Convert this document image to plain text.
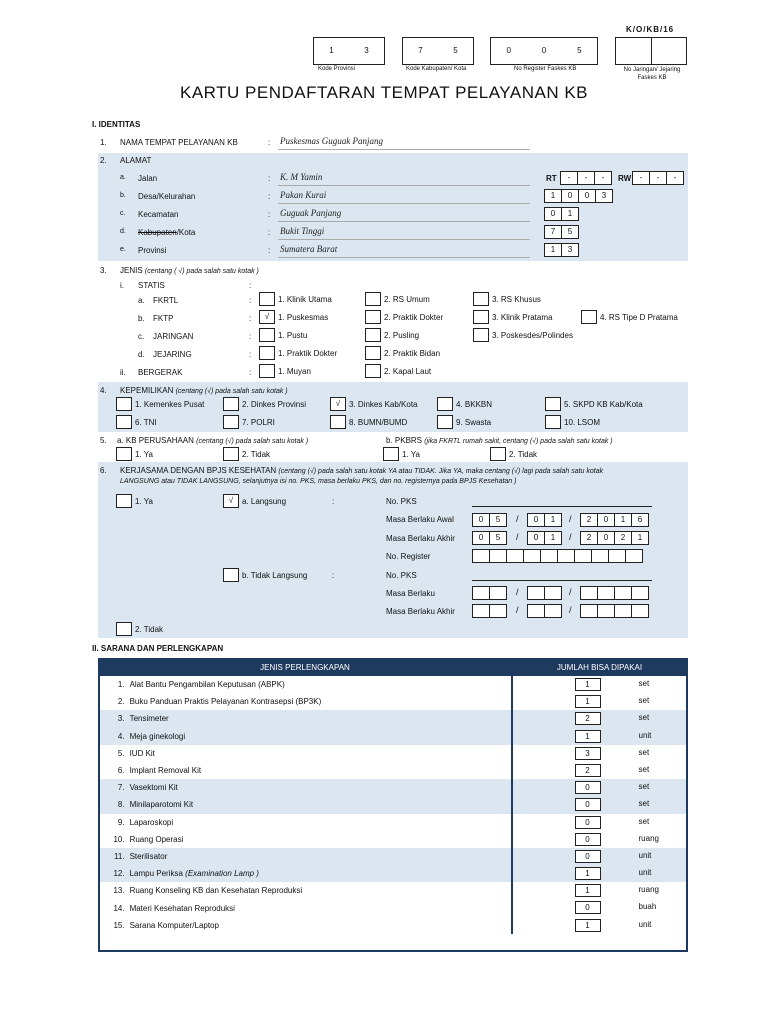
K/O/KB/16
1	3
Kode Provinsi
7	5
Kode Kabupaten/ Kota
0	0	5
No Register Faskes KB	No Jaringan/ Jejaring Faskes KB
KARTU PENDAFTARAN TEMPAT PELAYANAN KB
I. IDENTITAS
1. NAMA TEMPAT PELAYANAN KB	: Puskesmas Guguak Panjang
2. ALAMAT
a. Jalan	: K. M Yamin	RT	-	-	-	RW	-	-	-
b. Desa/Kelurahan	: Pakan Kurai	1	0	0	3
c. Kecamatan	: Guguak Panjang	0	1
d. Kabupaten/Kota	: Bukit Tinggi	7	5
e. Provinsi	: Sumatera Barat	1	3
3. JENIS (centang ( √) pada salah satu kotak )
i. STATIS	:
a. FKRTL	:	1. Klinik Utama	2. RS Umum	3. RS Khusus
b. FKTP	:	√	1. Puskesmas	2. Praktik Dokter	3. Klinik Pratama	4. RS Tipe D Pratama
c. JARINGAN	:	1. Pustu	2. Pusling	3. Poskesdes/Polindes
d. JEJARING	:	1. Praktik Dokter	2. Praktik Bidan
ii. BERGERAK	:	1. Muyan	2. Kapal Laut
4. KEPEMILIKAN (centang (√) pada salah satu kotak )
1. Kemenkes Pusat	2. Dinkes Provinsi	√	3. Dinkes Kab/Kota	4. BKKBN	5. SKPD KB Kab/Kota
6. TNI	7. POLRI	8. BUMN/BUMD	9. Swasta	10. LSOM
5. a. KB PERUSAHAAN (centang (√) pada salah satu kotak )	b. PKBRS (jika FKRTL rumah sakit, centang (√) pada salah satu kotak )
1. Ya	2. Tidak	1. Ya	2. Tidak
6. KERJASAMA DENGAN BPJS KESEHATAN (centang (√) pada salah satu kotak YA atau TIDAK. Jika YA, maka centang (√) lagi pada salah satu kotak
LANGSUNG atau TIDAK LANGSUNG, selanjutnya isi no. PKS, masa berlaku PKS, dan no. registernya pada BPJS Kesehatan )
1. Ya	√	a. Langsung	:	No. PKS
Masa Berlaku Awal	0	5	/	0	1	/	2	0	1	6
Masa Berlaku Akhir	0	5	/	0	1	/	2	0	2	1
No. Register
b. Tidak Langsung	:	No. PKS
Masa Berlaku	/	/
Masa Berlaku Akhir	/	/
2. Tidak
II. SARANA DAN PERLENGKAPAN
JENIS PERLENGKAPAN		JUMLAH BISA DIPAKAI
1.	Alat Bantu Pengambilan Keputusan (ABPK)	1 set

2.	Buku Panduan Praktis Pelayanan Kontrasepsi (BP3K)	1 set

3.	Tensimeter	2 set

4.	Meja ginekologi	1 unit

5.	IUD Kit	3 set

6.	Implant Removal Kit	2 set

7.	Vasektomi Kit	0 set

8.	Minilaparotomi Kit	0 set

9.	Laparoskopi	0 set

10.	Ruang Operasi	0 ruang

11.	Sterilisator	0 unit

12.	Lampu Periksa (Examination Lamp )	1 unit

13.	Ruang Konseling KB dan Kesehatan Reproduksi	1 ruang

14.	Materi Kesehatan Reproduksi	0 buah

15.	Sarana Komputer/Laptop	1 unit
